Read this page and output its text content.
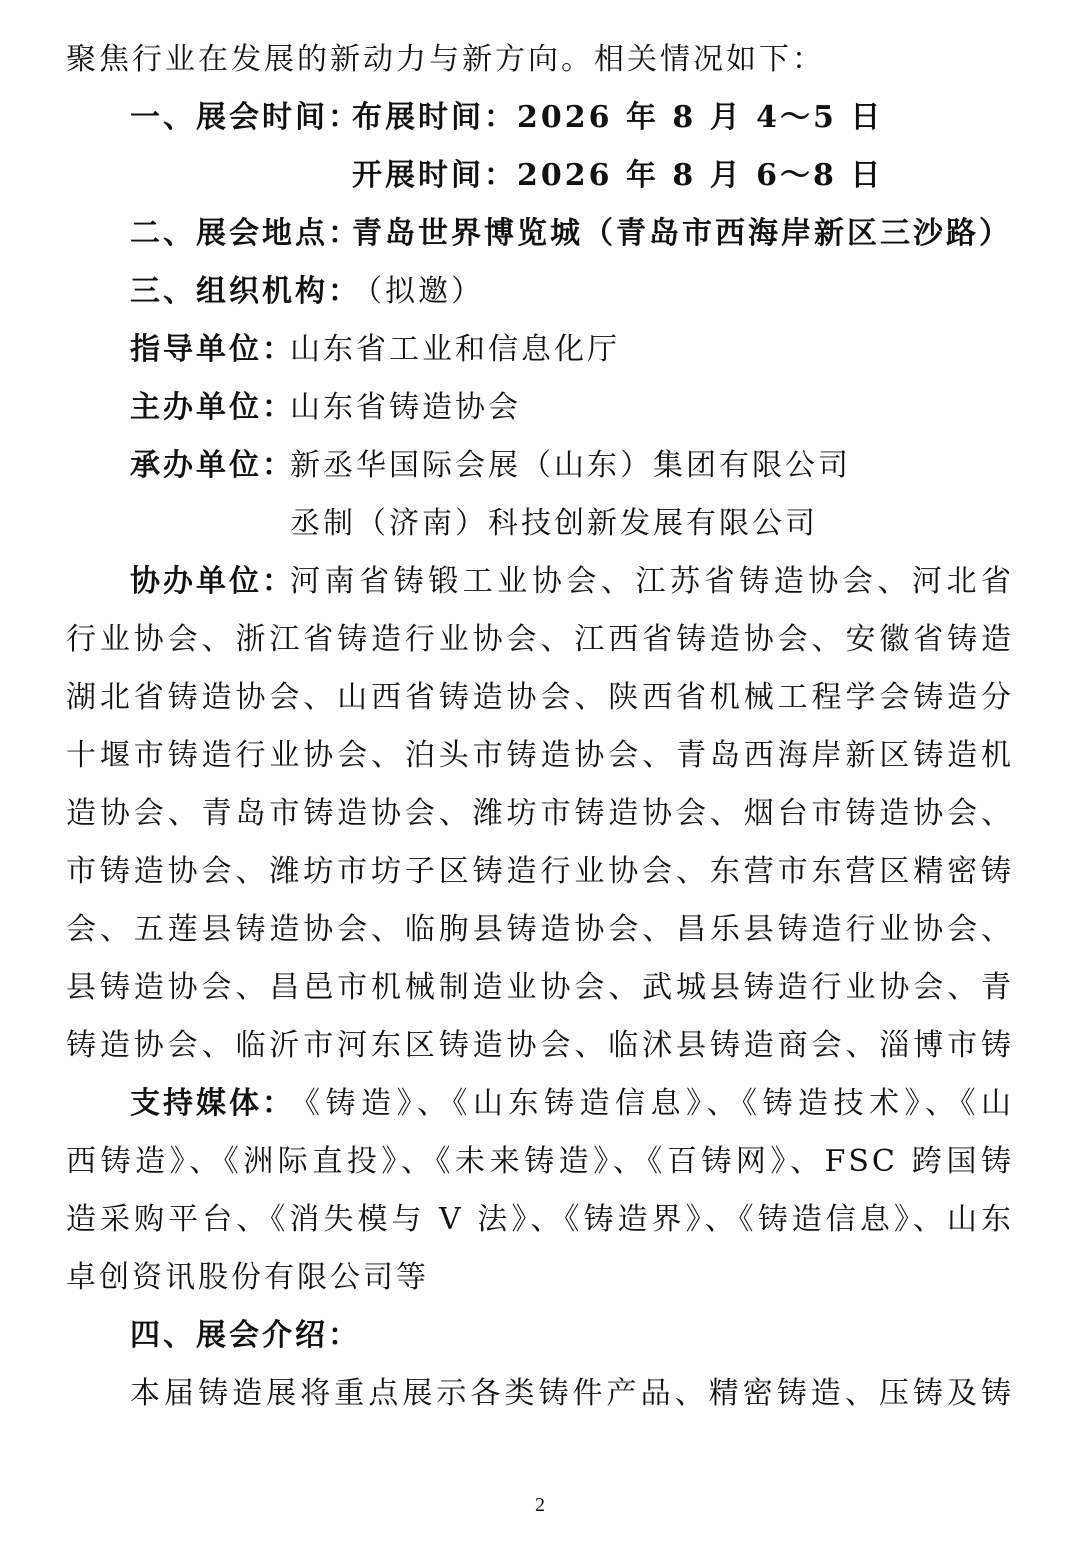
聚焦行业在发展的新动力与新方向。相关情况如下：
一、展会时间：
布展时间：2026 年 8 月 4～5 日
开展时间：2026 年 8 月 6～8 日
二、展会地点：
青岛世界博览城（青岛市西海岸新区三沙路）
三、组织机构：
（拟邀）
指导单位：
山东省工业和信息化厅
主办单位：
山东省铸造协会
承办单位：
新丞华国际会展（山东）集团有限公司
丞制（济南）科技创新发展有限公司
协办单位：
河南省铸锻工业协会、江苏省铸造协会、河北省
行业协会、浙江省铸造行业协会、江西省铸造协会、安徽省铸造
湖北省铸造协会、山西省铸造协会、陕西省机械工程学会铸造分
十堰市铸造行业协会、泊头市铸造协会、青岛西海岸新区铸造机
造协会、青岛市铸造协会、潍坊市铸造协会、烟台市铸造协会、
市铸造协会、潍坊市坊子区铸造行业协会、东营市东营区精密铸
会、五莲县铸造协会、临朐县铸造协会、昌乐县铸造行业协会、
县铸造协会、昌邑市机械制造业协会、武城县铸造行业协会、青
铸造协会、临沂市河东区铸造协会、临沭县铸造商会、淄博市铸
支持媒体：
《铸造》、《山东铸造信息》、《铸造技术》、《山
西铸造》、《洲际直投》、《未来铸造》、《百铸网》、FSC 跨国铸
造采购平台、《消失模与 V 法》、《铸造界》、《铸造信息》、山东
卓创资讯股份有限公司等
四、展会介绍：
本届铸造展将重点展示各类铸件产品、精密铸造、压铸及铸
2
